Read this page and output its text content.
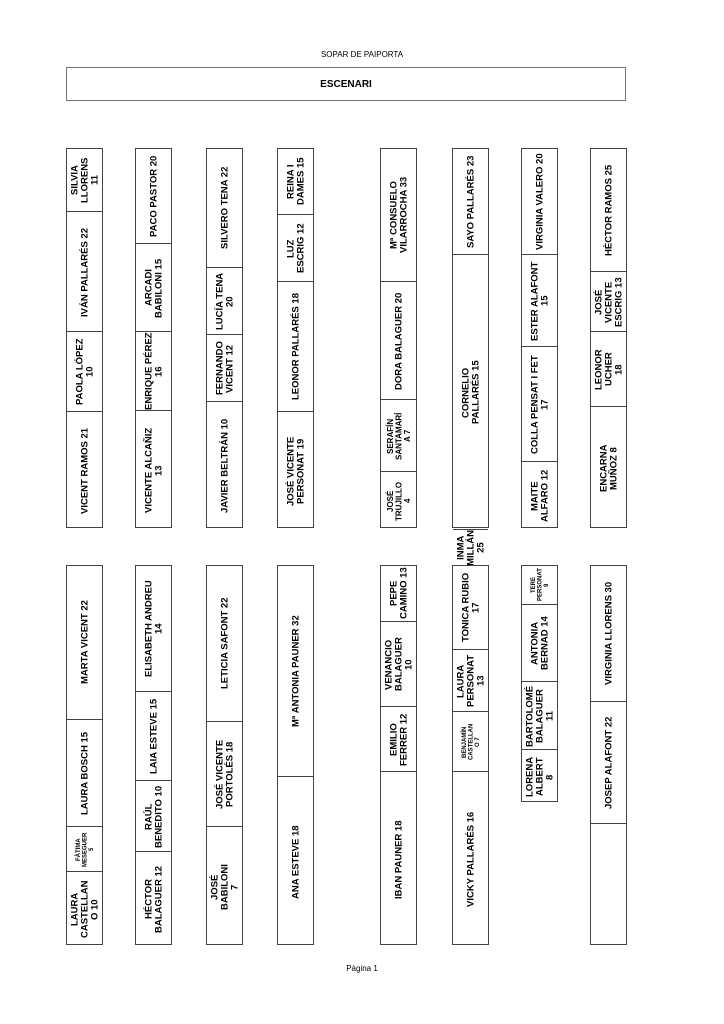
SOPAR DE PAIPORTA
ESCENARI
HÈCTOR RAMOS 25
JOSÉ VICENTE
ESCRIG 13
LEONOR UCHER
18
ENCARNA
MUÑOZ 8
VIRGINIA VALERO 20
ESTER ALAFONT
15
COLLA PENSAT I FET
17
MAITE
ALFARO 12
SAYO PALLARÉS 23
CORNELIO
PALLARÉS 15
INMA MILLÁN 25
Mª CONSUELO
VILARROCHA 33
DORA BALAGUER 20
SERAFÍN
SANTAMARÍ
A 7
JOSÉ
TRUJILLO
4
REINA I
DAMES 15
LUZ
ESCRIG 12
LEONOR PALLARÉS 18
JOSÉ VICENTE
PERSONAT 19
SILVERO TENA 22
LUCÍA TENA 20
FERNANDO
VICENT 12
JAVIER BELTRÁN 10
PACO PASTOR 20
ARCADI
BABILONI 15
ENRIQUE PÉREZ 16
VICENTE ALCAÑIZ
13
SILVIA
LLORENS
11
IVÁN PALLARÉS 22
PAOLA LÓPEZ
10
VICENT RAMOS 21
VIRGINIA LLORENS 30
JOSEP ALAFONT 22
TERE
PERSONAT
9
ANTONIA
BERNAD 14
BARTOLOMÉ
BALAGUER
11
LORENA
ALBERT
8
TONICA RUBIO
17
LAURA
PERSONAT
13
BENJAMÍN
CASTELLAN
O 7
VICKY PALLARÉS 16
PEPE
CAMINO 13
VENANCIO
BALAGUER
10
EMILIO
FERRER 12
IBAN PAUNER 18
Mª ANTONIA PAUNER 32
ANA ESTEVE 18
LETICIA SAFONT 22
JOSÉ VICENTE
PORTOLÉS 18
JOSÉ
BABILONI
7
ELISABETH ANDREU
14
LAIA ESTEVE 15
RAÚL
BENEDITO 10
HÉCTOR
BALAGUER 12
MARTA VICENT 22
LAURA BOSCH 15
FÀTIMA
MESEGUER
5
LAURA
CASTELLAN
O 10
Pàgina 1
